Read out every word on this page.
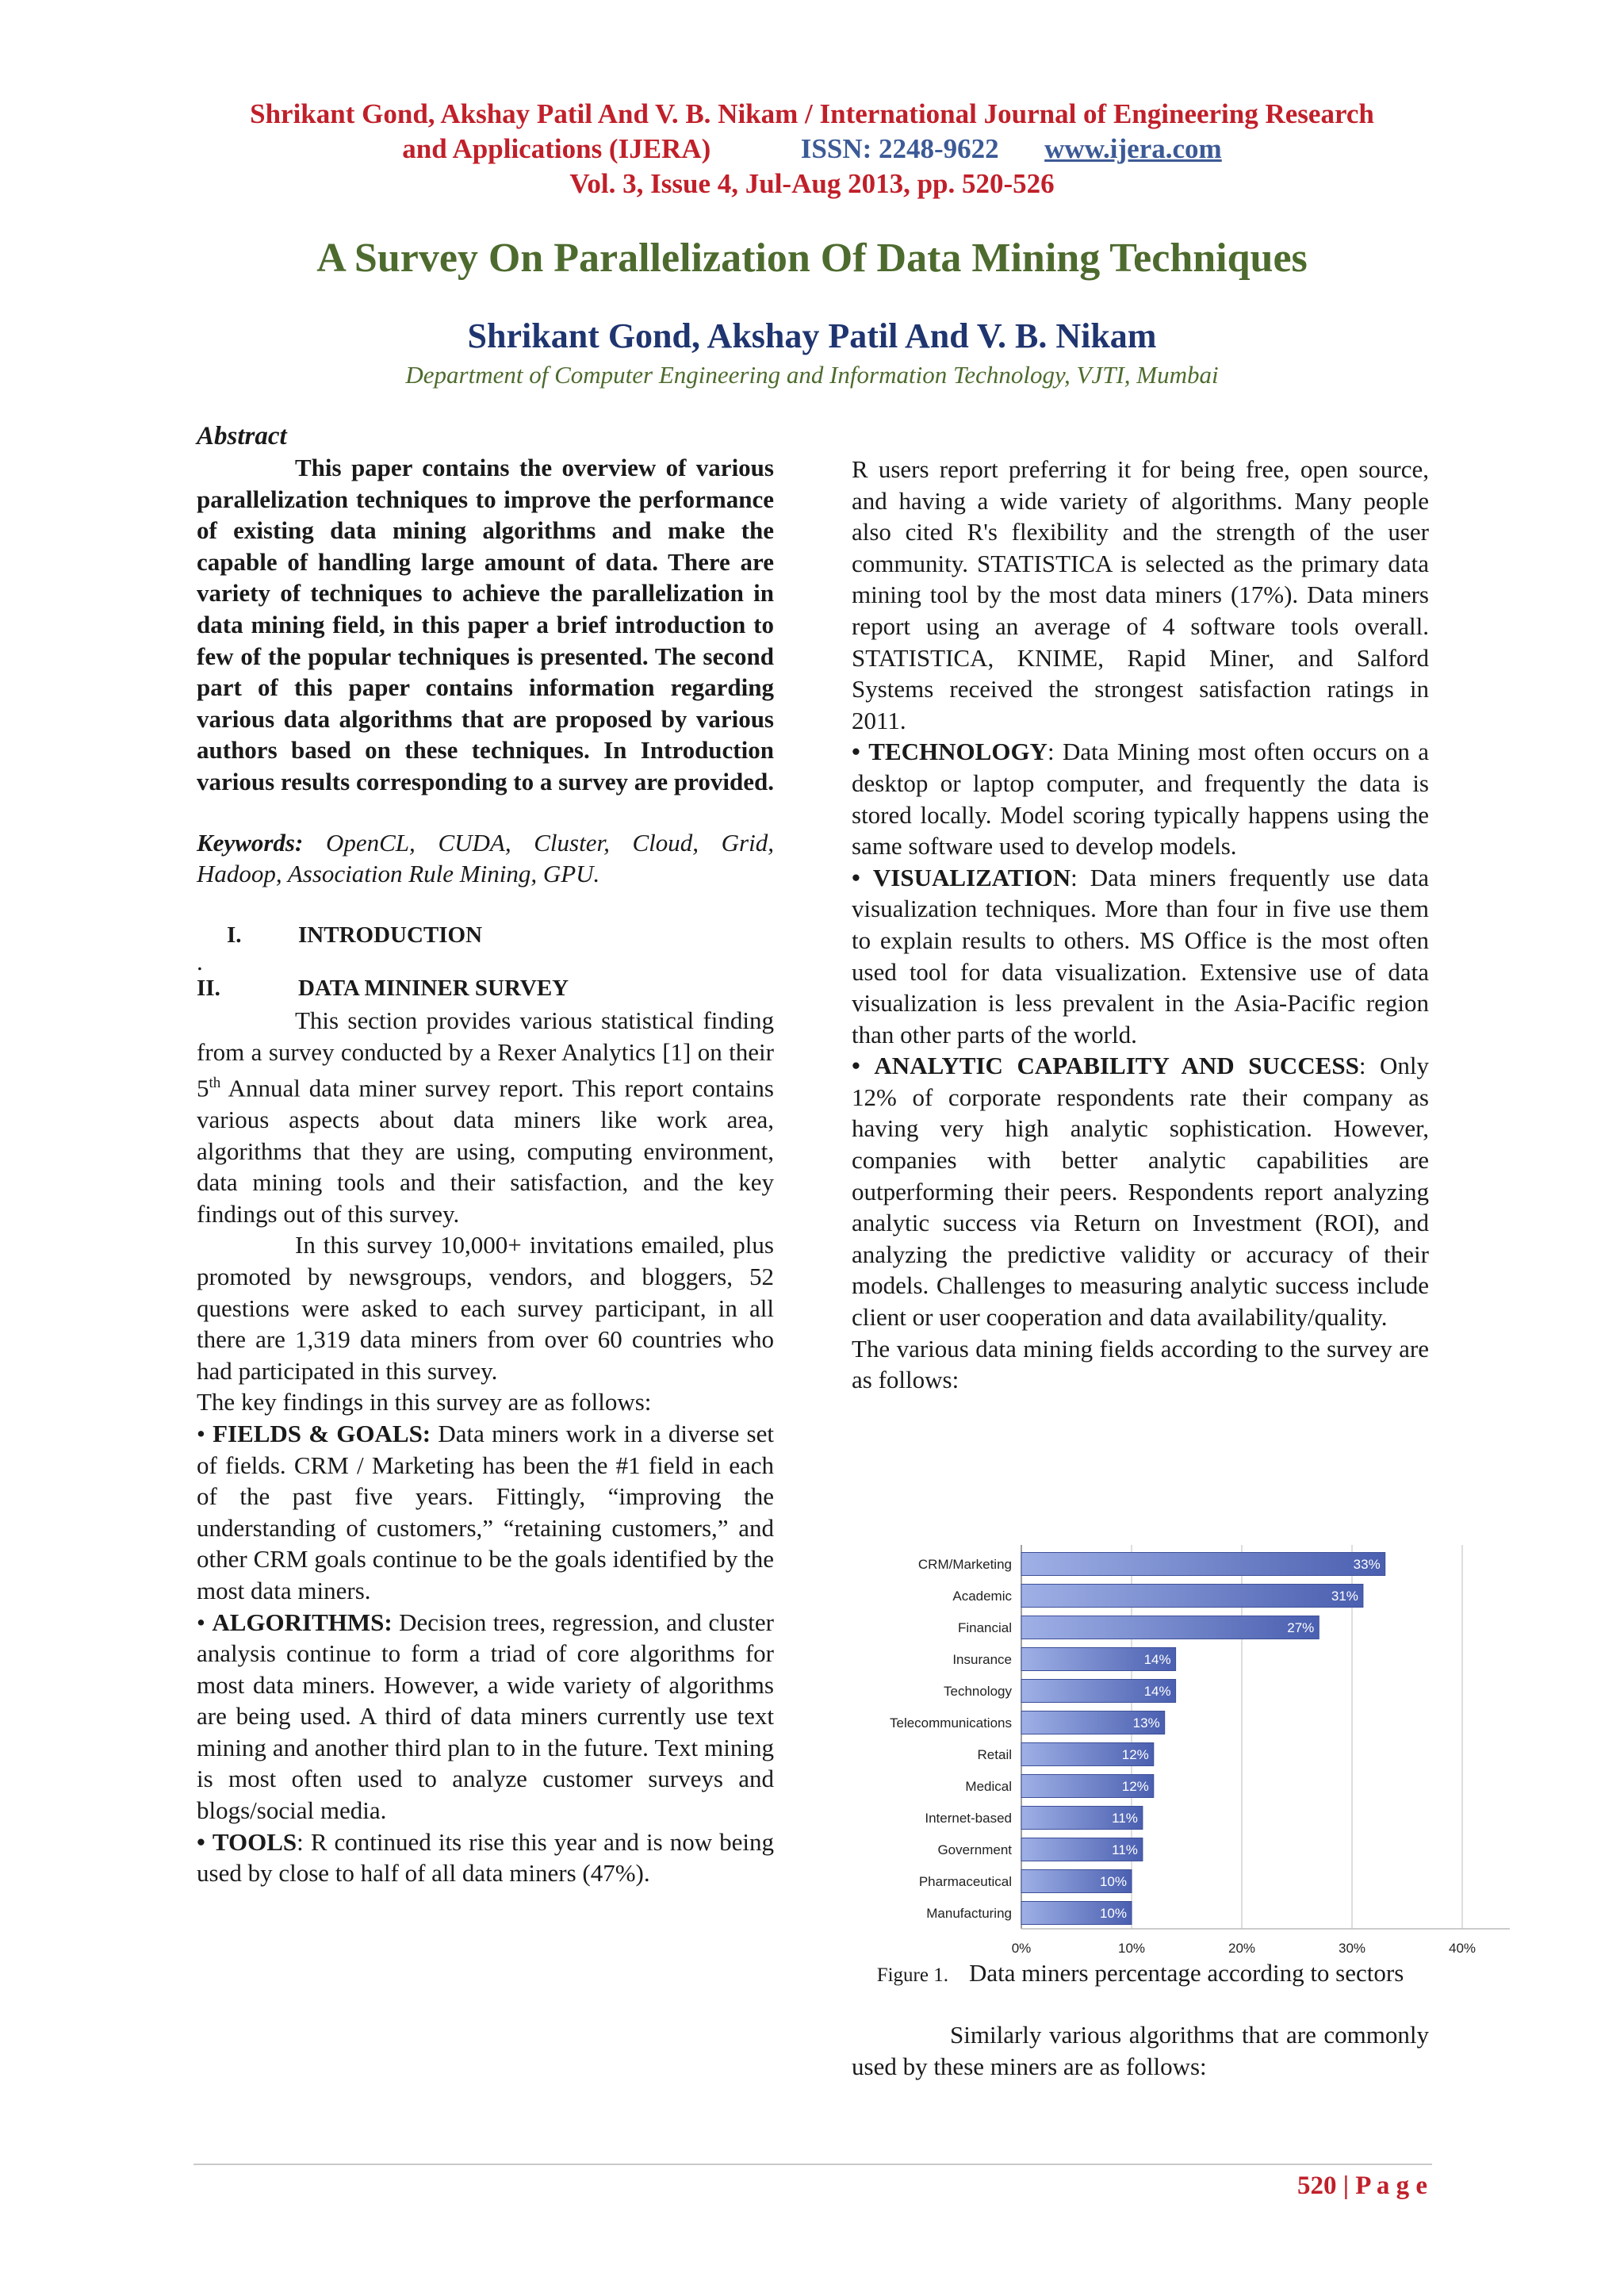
Shrikant Gond, Akshay Patil And V. B. Nikam / International Journal of Engineering Research
and Applications (IJERA)	ISSN: 2248-9622 www.ijera.com
Vol. 3, Issue 4, Jul-Aug 2013, pp. 520-526
A Survey On Parallelization Of Data Mining Techniques
Shrikant Gond, Akshay Patil And V. B. Nikam
Department of Computer Engineering and Information Technology, VJTI, Mumbai

Abstract

This paper contains the overview of various parallelization techniques to improve the performance of existing data mining algorithms and make the capable of handling large amount of data. There are variety of techniques to achieve the parallelization in data mining field, in this paper a brief introduction to few of the popular techniques is presented. The second part of this paper contains information regarding various data algorithms that are proposed by various authors based on these techniques. In Introduction various results corresponding to a survey are provided.

Keywords: OpenCL, CUDA, Cluster, Cloud, Grid, Hadoop, Association Rule Mining, GPU.

I.	INTRODUCTION

.

II.	DATA MININER SURVEY

This section provides various statistical finding from a survey conducted by a Rexer Analytics [1] on their 5th Annual data miner survey report. This report contains various aspects about data miners like work area, algorithms that they are using, computing environment, data mining tools and their satisfaction, and the key findings out of this survey.

In this survey 10,000+ invitations emailed, plus promoted by newsgroups, vendors, and bloggers, 52 questions were asked to each survey participant, in all there are 1,319 data miners from over 60 countries who had participated in this survey.

The key findings in this survey are as follows:

• FIELDS & GOALS: Data miners work in a diverse set of fields. CRM / Marketing has been the #1 field in each of the past five years. Fittingly, “improving the understanding of customers,” “retaining customers,” and other CRM goals continue to be the goals identified by the most data miners.

• ALGORITHMS: Decision trees, regression, and cluster analysis continue to form a triad of core algorithms for most data miners. However, a wide variety of algorithms are being used. A third of data miners currently use text mining and another third plan to in the future. Text mining is most often used to analyze customer surveys and blogs/social media.

• TOOLS: R continued its rise this year and is now being used by close to half of all data miners (47%).

R users report preferring it for being free, open source, and having a wide variety of algorithms. Many people also cited R's flexibility and the strength of the user community. STATISTICA is selected as the primary data mining tool by the most data miners (17%). Data miners report using an average of 4 software tools overall. STATISTICA, KNIME, Rapid Miner, and Salford Systems received the strongest satisfaction ratings in 2011.

• TECHNOLOGY: Data Mining most often occurs on a desktop or laptop computer, and frequently the data is stored locally. Model scoring typically happens using the same software used to develop models.

• VISUALIZATION: Data miners frequently use data visualization techniques. More than four in five use them to explain results to others. MS Office is the most often used tool for data visualization. Extensive use of data visualization is less prevalent in the Asia-Pacific region than other parts of the world.

• ANALYTIC CAPABILITY AND SUCCESS: Only 12% of corporate respondents rate their company as having very high analytic sophistication. However, companies with better analytic capabilities are outperforming their peers. Respondents report analyzing analytic success via Return on Investment (ROI), and analyzing the predictive validity or accuracy of their models. Challenges to measuring analytic success include client or user cooperation and data availability/quality.

The various data mining fields according to the survey are as follows:

0%	10%	20%	30%	40%
CRM/Marketing	33%
Academic	31%
Financial	27%
Insurance	14%
Technology	14%
Telecommunications	13%
Retail	12%
Medical	12%
Internet-based	11%
Government	11%
Pharmaceutical	10%
Manufacturing	10%
Figure 1. Data miners percentage according to sectors

Similarly various algorithms that are commonly used by these miners are as follows:

520 | P a g e
